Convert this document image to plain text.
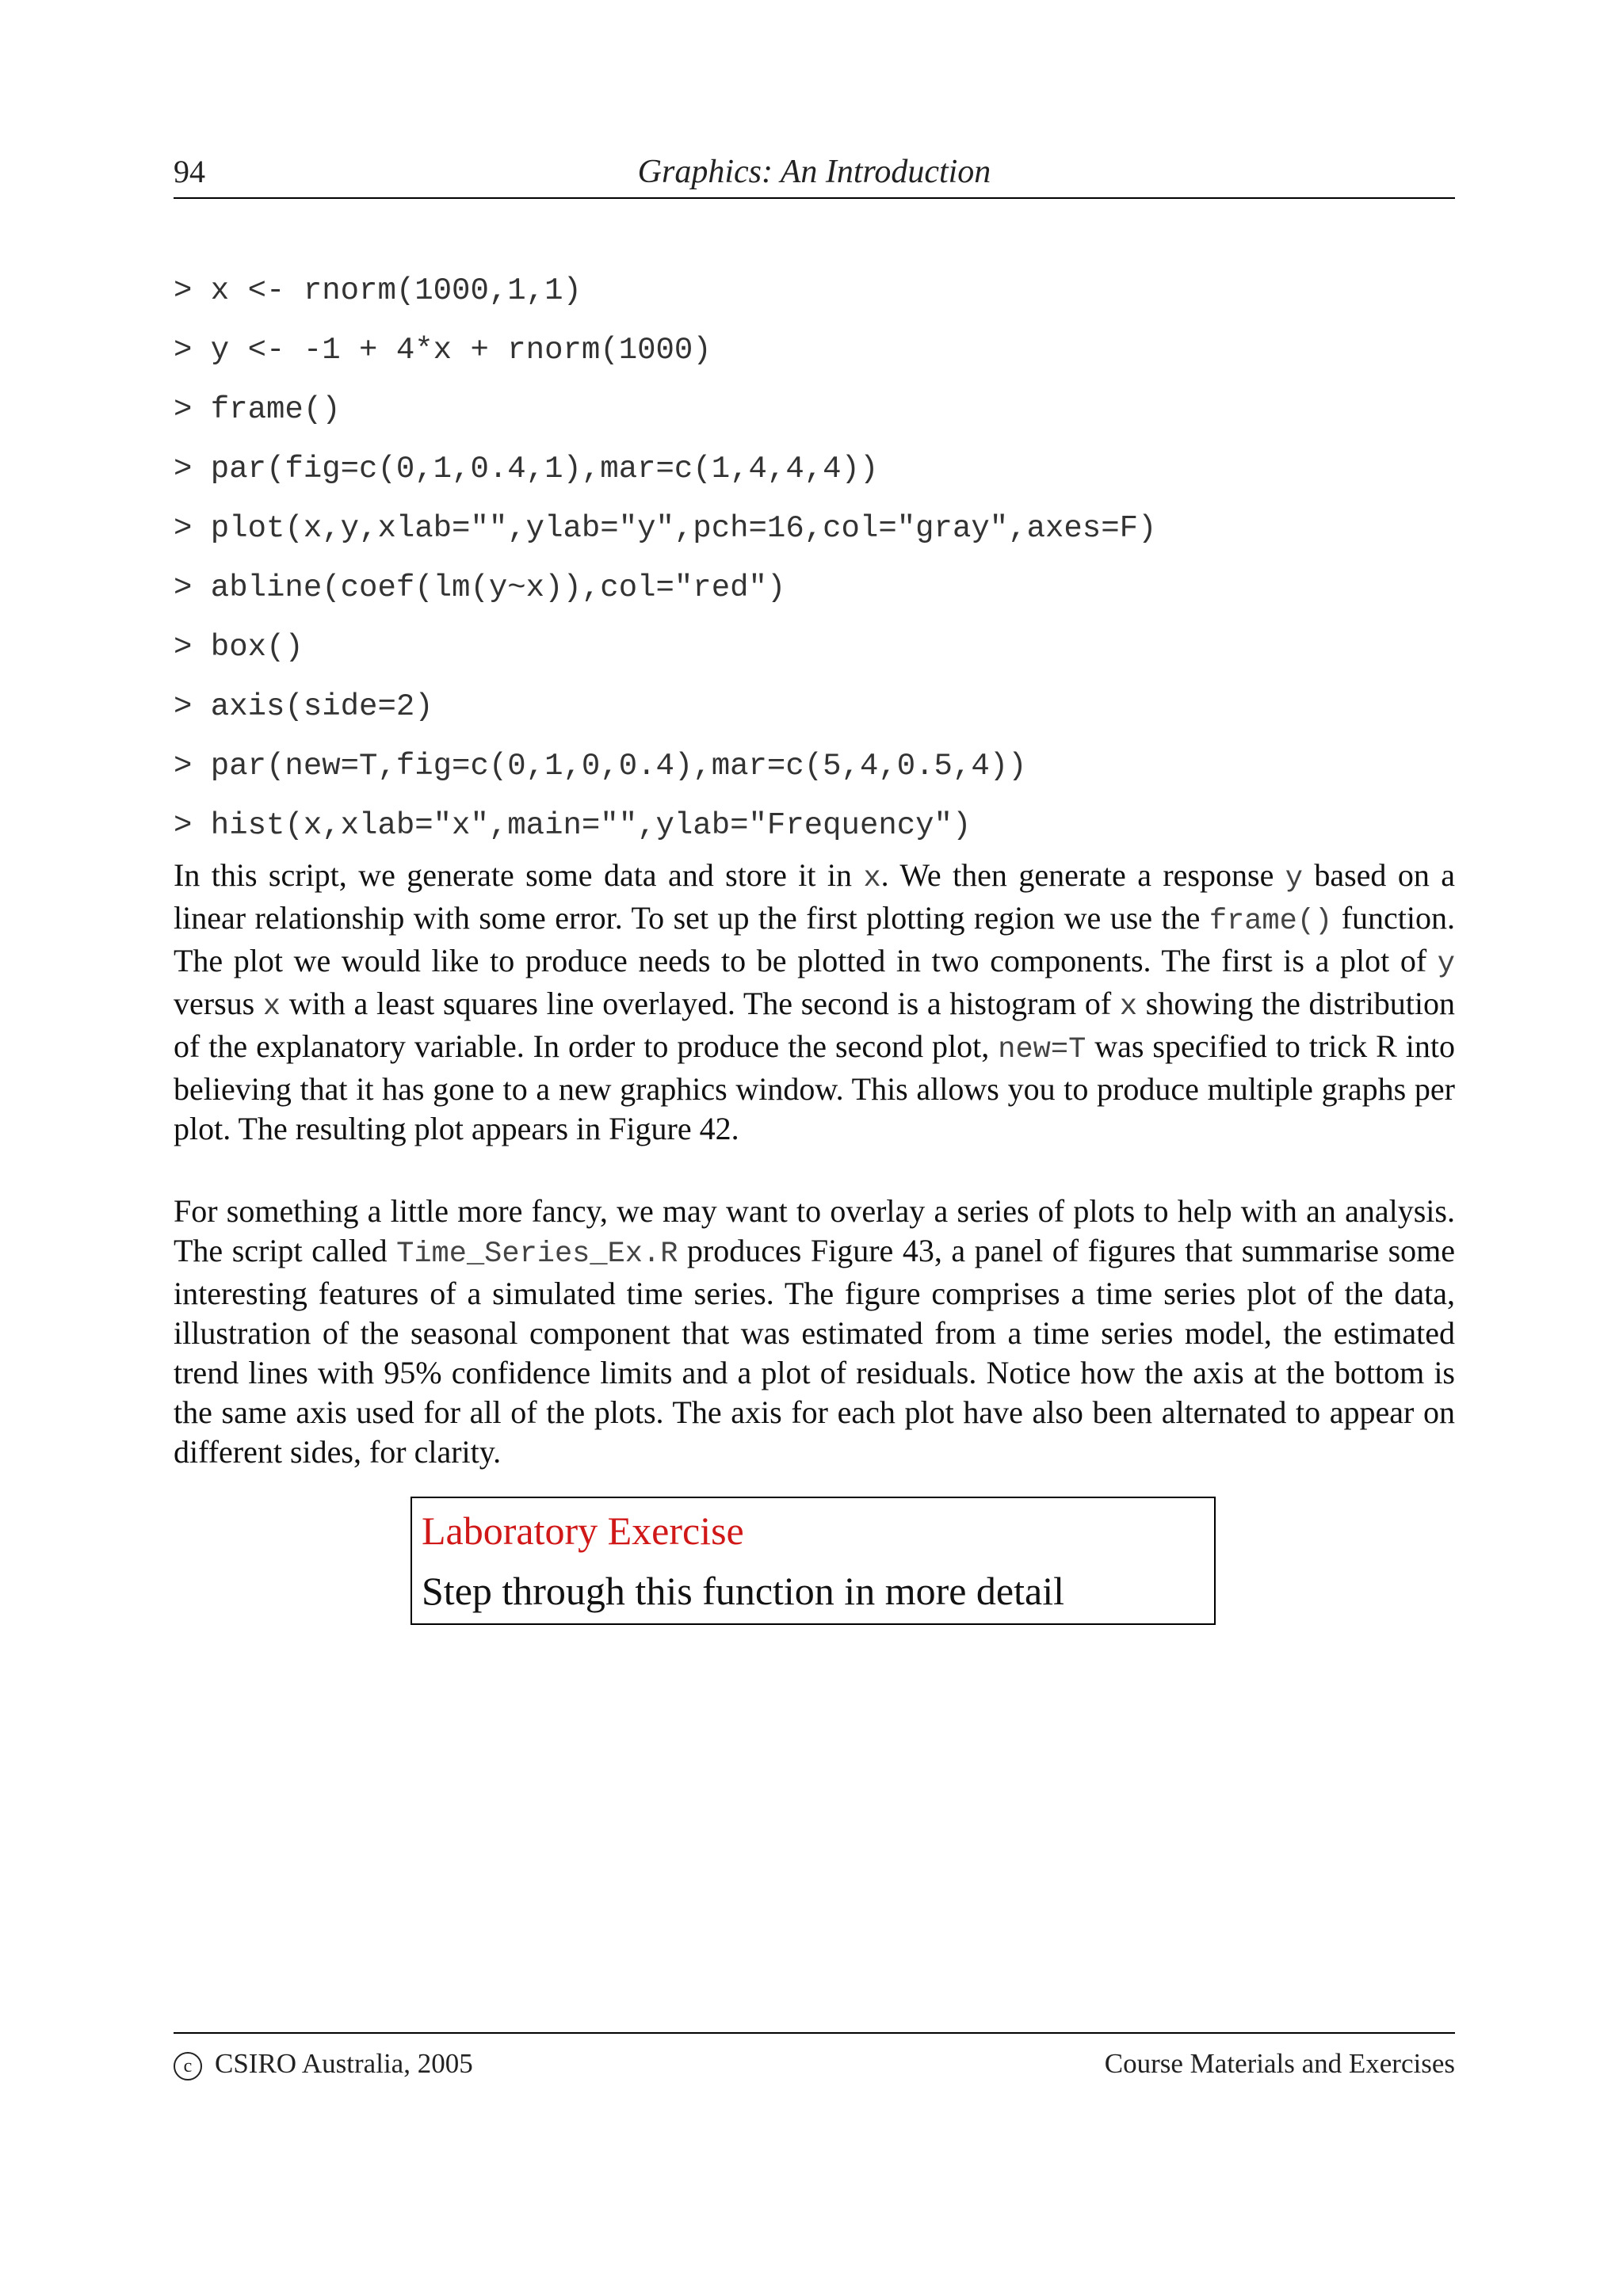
94	Graphics: An Introduction
> x <- rnorm(1000,1,1)
> y <- -1 + 4*x + rnorm(1000)
> frame()
> par(fig=c(0,1,0.4,1),mar=c(1,4,4,4))
> plot(x,y,xlab="",ylab="y",pch=16,col="gray",axes=F)
> abline(coef(lm(y~x)),col="red")
> box()
> axis(side=2)
> par(new=T,fig=c(0,1,0,0.4),mar=c(5,4,0.5,4))
> hist(x,xlab="x",main="",ylab="Frequency")
In this script, we generate some data and store it in x. We then generate a response y based on a linear relationship with some error. To set up the first plotting region we use the frame() function. The plot we would like to produce needs to be plotted in two components. The first is a plot of y versus x with a least squares line overlayed. The second is a histogram of x showing the distribution of the explanatory variable. In order to produce the second plot, new=T was specified to trick R into believing that it has gone to a new graphics window. This allows you to produce multiple graphs per plot. The resulting plot appears in Figure 42.
For something a little more fancy, we may want to overlay a series of plots to help with an analysis. The script called Time_Series_Ex.R produces Figure 43, a panel of figures that summarise some interesting features of a simulated time series. The figure comprises a time series plot of the data, illustration of the seasonal component that was estimated from a time series model, the estimated trend lines with 95% confidence limits and a plot of residuals. Notice how the axis at the bottom is the same axis used for all of the plots. The axis for each plot have also been alternated to appear on different sides, for clarity.
Laboratory Exercise
Step through this function in more detail
c CSIRO Australia, 2005	Course Materials and Exercises
